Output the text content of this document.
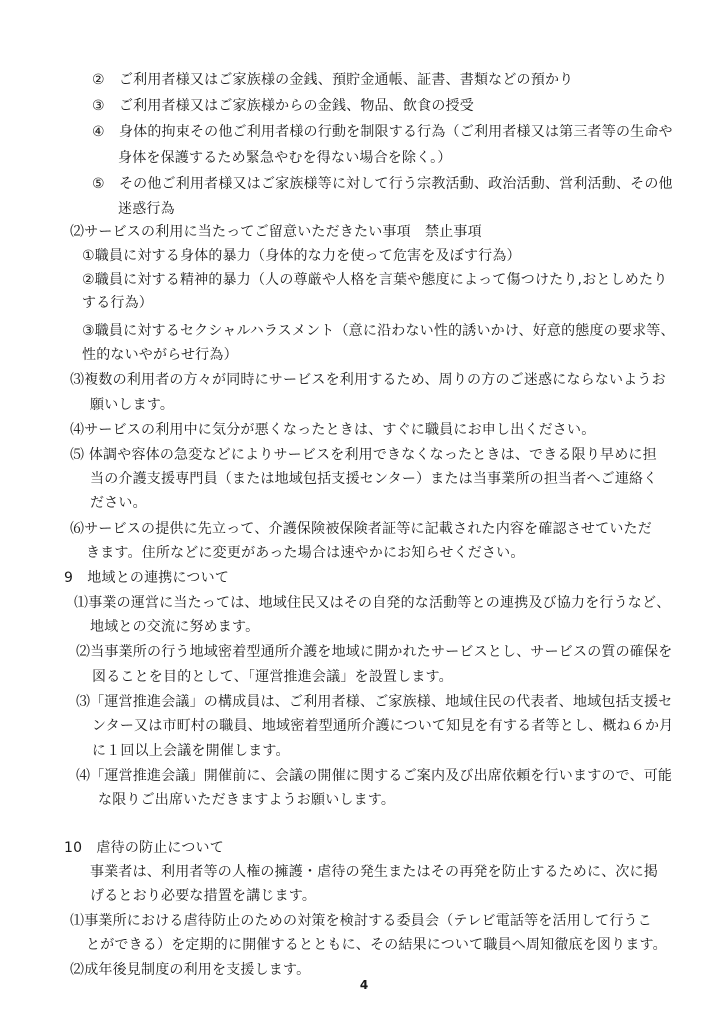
②　ご利用者様又はご家族様の金銭、預貯金通帳、証書、書類などの預かり
③　ご利用者様又はご家族様からの金銭、物品、飲食の授受
④　身体的拘束その他ご利用者様の行動を制限する行為（ご利用者様又は第三者等の生命や
身体を保護するため緊急やむを得ない場合を除く。）
⑤　その他ご利用者様又はご家族様等に対して行う宗教活動、政治活動、営利活動、その他
迷惑行為
⑵サービスの利用に当たってご留意いただきたい事項　禁止事項
①職員に対する身体的暴力（身体的な力を使って危害を及ぼす行為）
②職員に対する精神的暴力（人の尊厳や人格を言葉や態度によって傷つけたり,おとしめたり
する行為）
③職員に対するセクシャルハラスメント（意に沿わない性的誘いかけ、好意的態度の要求等、
性的ないやがらせ行為）
⑶複数の利用者の方々が同時にサービスを利用するため、周りの方のご迷惑にならないようお
願いします。
⑷サービスの利用中に気分が悪くなったときは、すぐに職員にお申し出ください。
⑸ 体調や容体の急変などによりサービスを利用できなくなったときは、できる限り早めに担
当の介護支援専門員（または地域包括支援センター）または当事業所の担当者へご連絡く
ださい。
⑹サービスの提供に先立って、介護保険被保険者証等に記載された内容を確認させていただ
きます。住所などに変更があった場合は速やかにお知らせください。
9　地域との連携について
⑴事業の運営に当たっては、地域住民又はその自発的な活動等との連携及び協力を行うなど、
地域との交流に努めます。
⑵当事業所の行う地域密着型通所介護を地域に開かれたサービスとし、サービスの質の確保を
図ることを目的として、「運営推進会議」を設置します。
⑶「運営推進会議」の構成員は、ご利用者様、ご家族様、地域住民の代表者、地域包括支援セ
ンター又は市町村の職員、地域密着型通所介護について知見を有する者等とし、概ね６か月
に１回以上会議を開催します。
⑷「運営推進会議」開催前に、会議の開催に関するご案内及び出席依頼を行いますので、可能
な限りご出席いただきますようお願いします。
10　虐待の防止について
事業者は、利用者等の人権の擁護・虐待の発生またはその再発を防止するために、次に掲
げるとおり必要な措置を講じます。
⑴事業所における虐待防止のための対策を検討する委員会（テレビ電話等を活用して行うこ
とができる）を定期的に開催するとともに、その結果について職員へ周知徹底を図ります。
⑵成年後見制度の利用を支援します。
4
